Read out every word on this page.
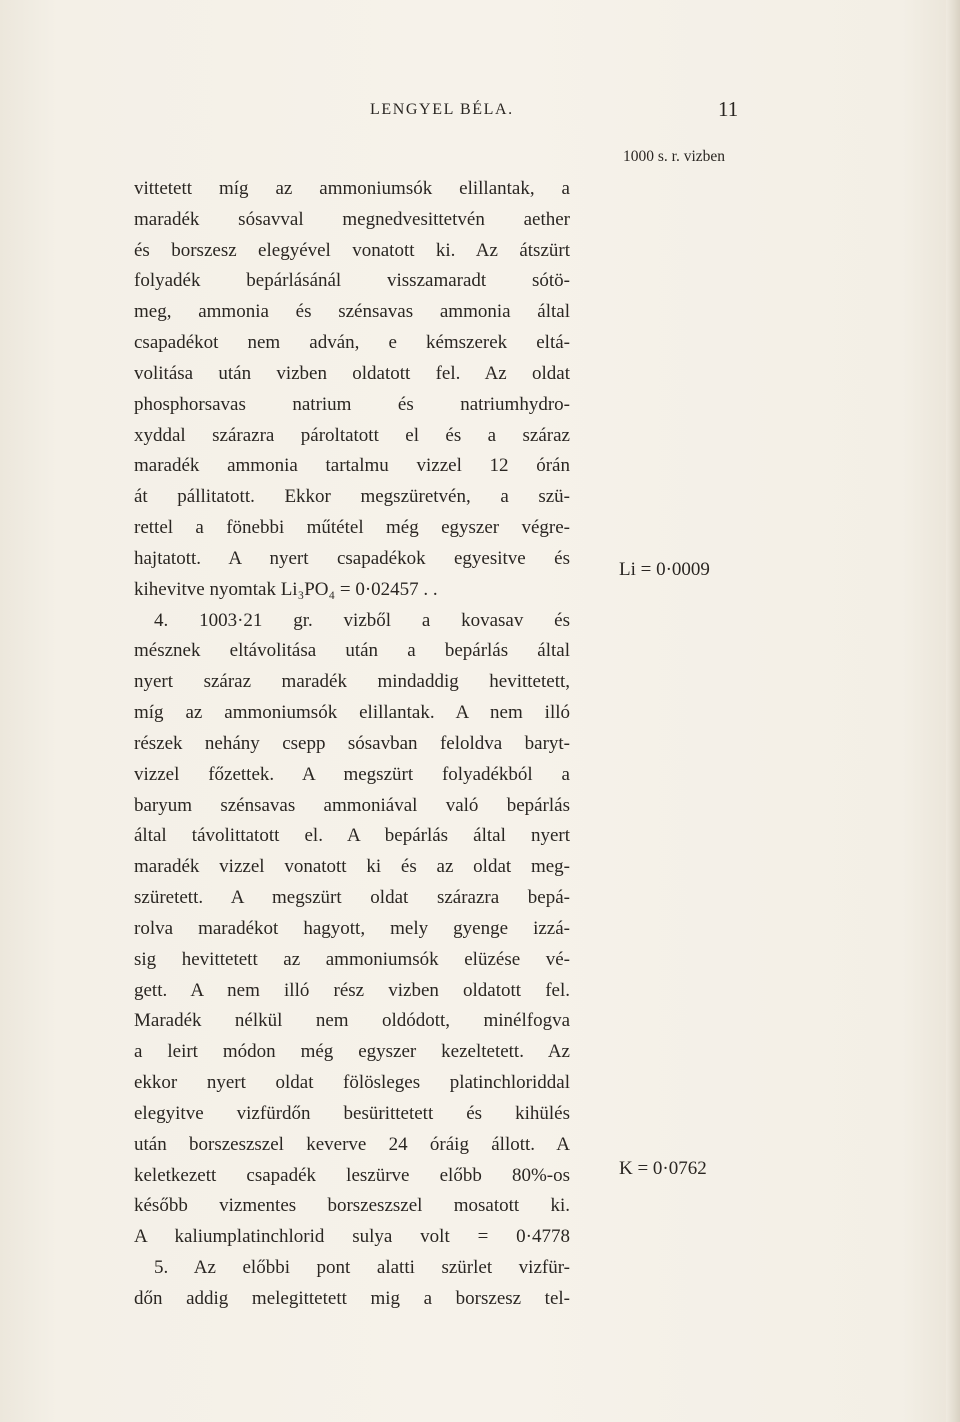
LENGYEL BÉLA.	11
1000 s. r. vizben
vittetett míg az ammoniumsók elillantak, a
maradék sósavval megnedvesittetvén aether
és borszesz elegyével vonatott ki. Az átszürt
folyadék bepárlásánál visszamaradt sótö-
meg, ammonia és szénsavas ammonia által
csapadékot nem adván, e kémszerek eltá-
volitása után vizben oldatott fel. Az oldat
phosphorsavas natrium és natriumhydro-
xyddal szárazra pároltatott el és a száraz
maradék ammonia tartalmu vizzel 12 órán
át pállitatott. Ekkor megszüretvén, a szü-
rettel a fönebbi műtétel még egyszer végre-
hajtatott. A nyert csapadékok egyesitve és
kihevitve nyomtak Li₃PO₄ = 0·02457 . .
4. 1003·21 gr. vizből a kovasav és
mésznek eltávolitása után a bepárlás által
nyert száraz maradék mindaddig hevittetett,
míg az ammoniumsók elillantak. A nem illó
részek nehány csepp sósavban feloldva baryt-
vizzel főzettek. A megszürt folyadékból a
baryum szénsavas ammoniával való bepárlás
által távolittatott el. A bepárlás által nyert
maradék vizzel vonatott ki és az oldat meg-
szüretett. A megszürt oldat szárazra bepá-
rolva maradékot hagyott, mely gyenge izzá-
sig hevittetett az ammoniumsók elüzése vé-
gett. A nem illó rész vizben oldatott fel.
Maradék nélkül nem oldódott, minélfogva
a leirt módon még egyszer kezeltetett. Az
ekkor nyert oldat fölösleges platinchloriddal
elegyitve vizfürdőn besürittetett és kihülés
után borszeszszel keverve 24 óráig állott. A
keletkezett csapadék leszürve előbb 80%-os
később vizmentes borszeszszel mosatott ki.
A kaliumplatinchlorid sulya volt = 0·4778
5. Az előbbi pont alatti szürlet vizfür-
dőn addig melegittetett mig a borszesz tel-
Li = 0·0009
K = 0·0762
